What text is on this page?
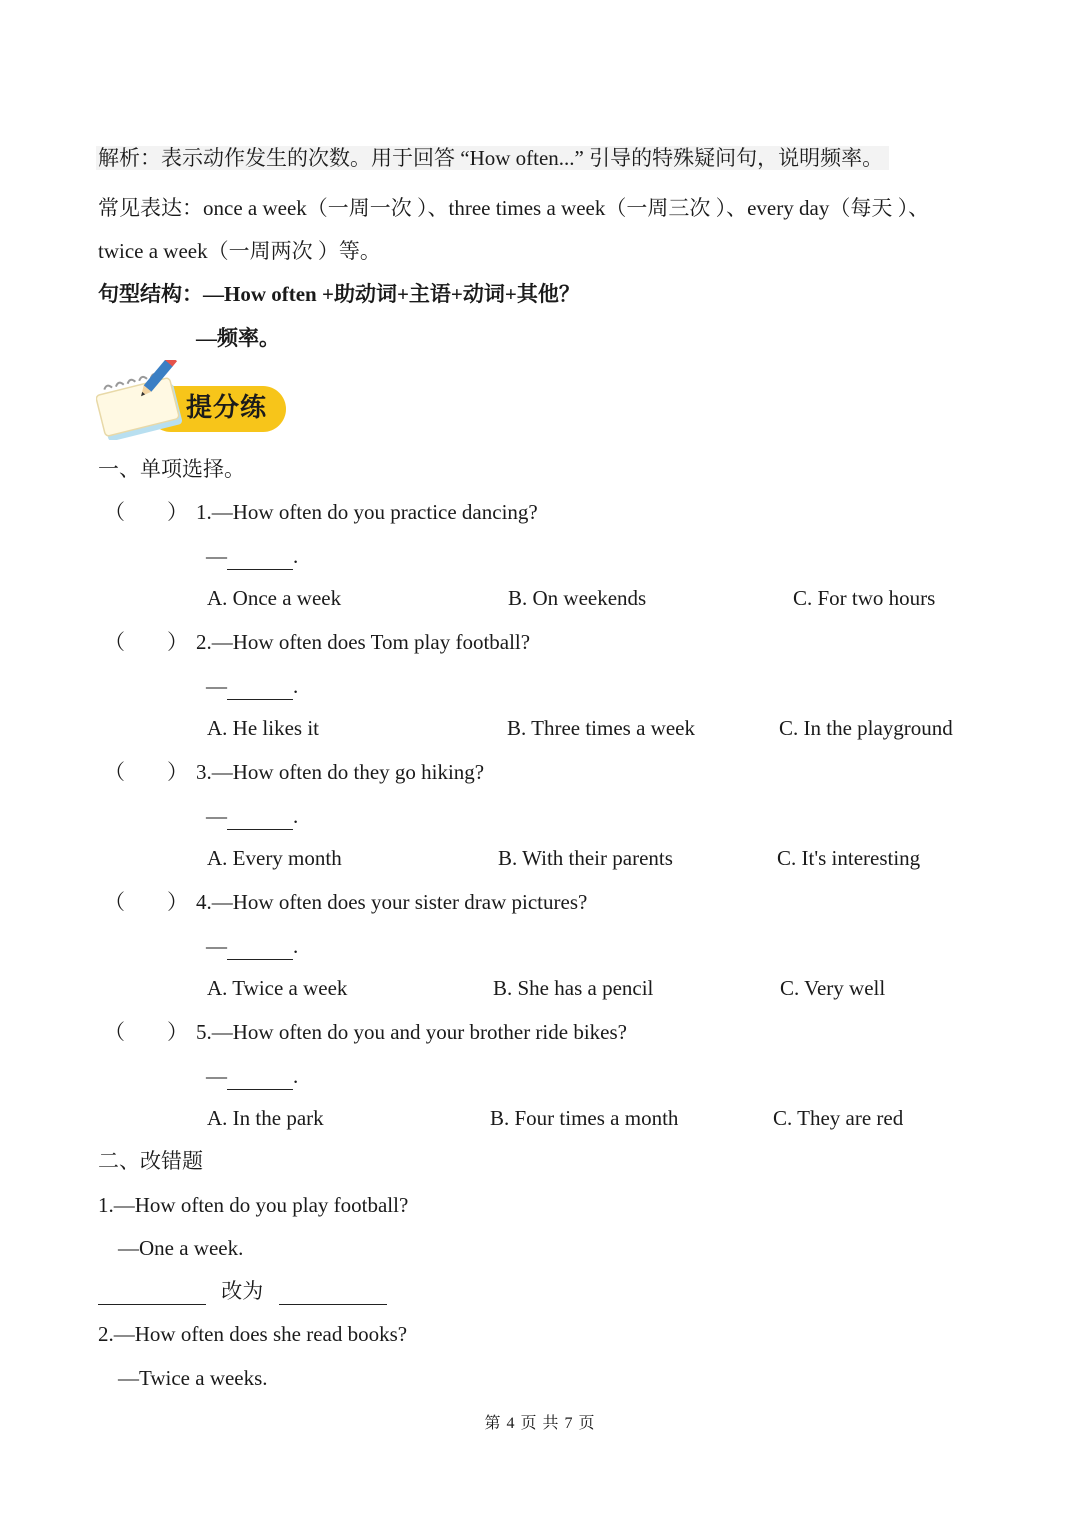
解析：表示动作发生的次数。用于回答 “How often...” 引导的特殊疑问句，说明频率。
常见表达：once a week（一周一次 ）、three times a week（一周三次 ）、every day（每天 ）、
twice a week（一周两次 ）等。
句型结构：—How often +助动词+主语+动词+其他？
—频率。
提分练
一、单项选择。
（　　） 1.—How often do you practice dancing?
—	.
A. Once a week	B. On weekends	C. For two hours
（　　） 2.—How often does Tom play football?
—	.
A. He likes it	B. Three times a week	C. In the playground
（　　） 3.—How often do they go hiking?
—	.
A. Every month	B. With their parents	C. It's interesting
（　　） 4.—How often does your sister draw pictures?
—	.
A. Twice a week	B. She has a pencil	C. Very well
（　　） 5.—How often do you and your brother ride bikes?
—	.
A. In the park	B. Four times a month	C. They are red
二、改错题
1.—How often do you play football?
—One a week.
改为
2.—How often does she read books?
—Twice a weeks.
第 4 页 共 7 页
